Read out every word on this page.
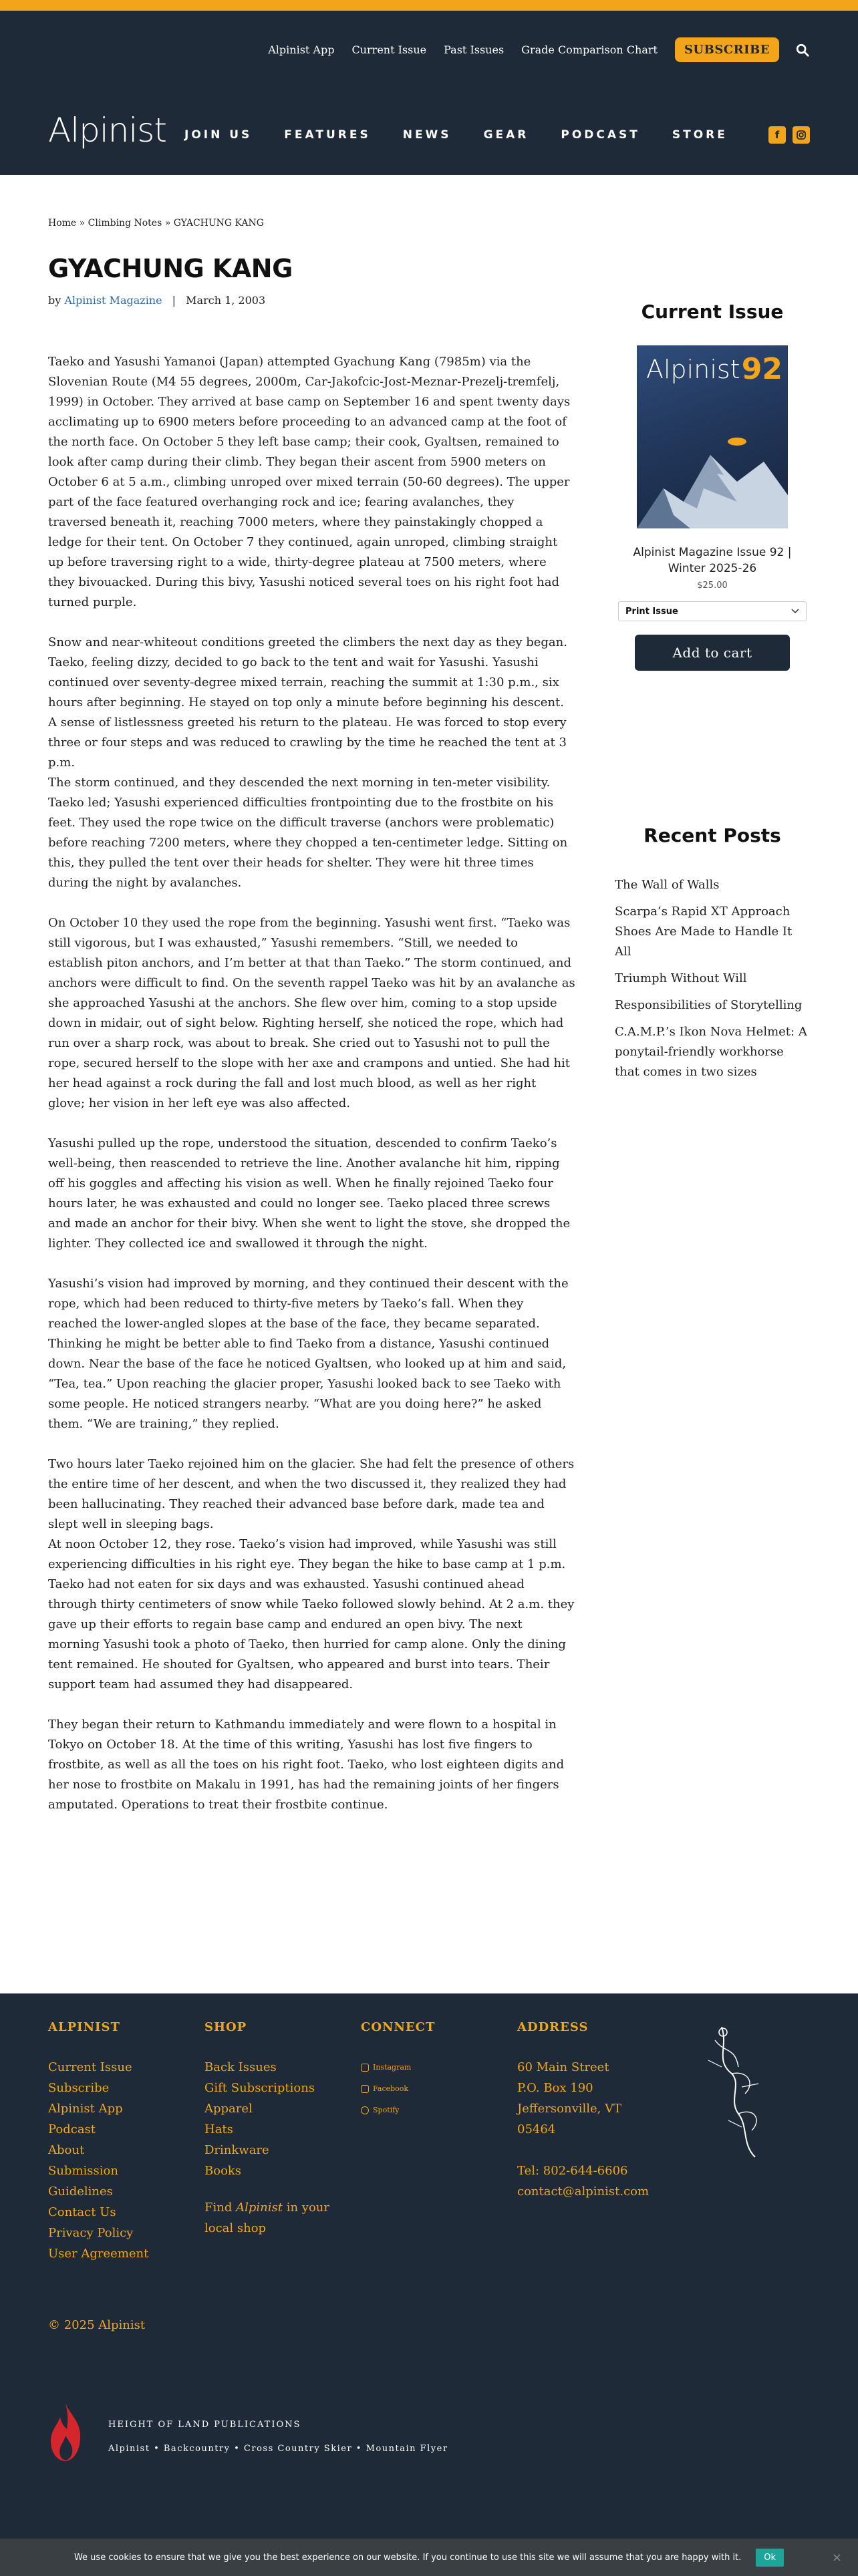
Alpinist App Current Issue Past Issues Grade Comparison Chart	SUBSCRIBE
Alpinist JOIN US	FEATURES	NEWS	GEAR	PODCAST	STORE	f
Home » Climbing Notes » GYACHUNG KANG
GYACHUNG KANG
by Alpinist Magazine | March 1, 2003

Taeko and Yasushi Yamanoi (Japan) attempted Gyachung Kang (7985m) via the Slovenian Route (M4 55 degrees, 2000m, Car-Jakofcic-Jost-Meznar-Prezelj-tremfelj, 1999) in October. They arrived at base camp on September 16 and spent twenty days acclimating up to 6900 meters before proceeding to an advanced camp at the foot of the north face. On October 5 they left base camp; their cook, Gyaltsen, remained to look after camp during their climb. They began their ascent from 5900 meters on October 6 at 5 a.m., climbing unroped over mixed terrain (50-60 degrees). The upper part of the face featured overhanging rock and ice; fearing avalanches, they traversed beneath it, reaching 7000 meters, where they painstakingly chopped a ledge for their tent. On October 7 they continued, again unroped, climbing straight up before traversing right to a wide, thirty-degree plateau at 7500 meters, where they bivouacked. During this bivy, Yasushi noticed several toes on his right foot had turned purple.

Snow and near-whiteout conditions greeted the climbers the next day as they began. Taeko, feeling dizzy, decided to go back to the tent and wait for Yasushi. Yasushi continued over seventy-degree mixed terrain, reaching the summit at 1:30 p.m., six hours after beginning. He stayed on top only a minute before beginning his descent. A sense of listlessness greeted his return to the plateau. He was forced to stop every three or four steps and was reduced to crawling by the time he reached the tent at 3 p.m.

The storm continued, and they descended the next morning in ten-meter visibility. Taeko led; Yasushi experienced difficulties frontpointing due to the frostbite on his feet. They used the rope twice on the difficult traverse (anchors were problematic) before reaching 7200 meters, where they chopped a ten-centimeter ledge. Sitting on this, they pulled the tent over their heads for shelter. They were hit three times during the night by avalanches.

On October 10 they used the rope from the beginning. Yasushi went first. “Taeko was still vigorous, but I was exhausted,” Yasushi remembers. “Still, we needed to establish piton anchors, and I’m better at that than Taeko.” The storm continued, and anchors were difficult to find. On the seventh rappel Taeko was hit by an avalanche as she approached Yasushi at the anchors. She flew over him, coming to a stop upside down in midair, out of sight below. Righting herself, she noticed the rope, which had run over a sharp rock, was about to break. She cried out to Yasushi not to pull the rope, secured herself to the slope with her axe and crampons and untied. She had hit her head against a rock during the fall and lost much blood, as well as her right glove; her vision in her left eye was also affected.

Yasushi pulled up the rope, understood the situation, descended to confirm Taeko’s well-being, then reascended to retrieve the line. Another avalanche hit him, ripping off his goggles and affecting his vision as well. When he finally rejoined Taeko four hours later, he was exhausted and could no longer see. Taeko placed three screws and made an anchor for their bivy. When she went to light the stove, she dropped the lighter. They collected ice and swallowed it through the night.

Yasushi’s vision had improved by morning, and they continued their descent with the rope, which had been reduced to thirty-five meters by Taeko’s fall. When they reached the lower-angled slopes at the base of the face, they became separated. Thinking he might be better able to find Taeko from a distance, Yasushi continued down. Near the base of the face he noticed Gyaltsen, who looked up at him and said, “Tea, tea.” Upon reaching the glacier proper, Yasushi looked back to see Taeko with some people. He noticed strangers nearby. “What are you doing here?” he asked them. “We are training,” they replied.

Two hours later Taeko rejoined him on the glacier. She had felt the presence of others the entire time of her descent, and when the two discussed it, they realized they had been hallucinating. They reached their advanced base before dark, made tea and slept well in sleeping bags.

At noon October 12, they rose. Taeko’s vision had improved, while Yasushi was still experiencing difficulties in his right eye. They began the hike to base camp at 1 p.m. Taeko had not eaten for six days and was exhausted. Yasushi continued ahead through thirty centimeters of snow while Taeko followed slowly behind. At 2 a.m. they gave up their efforts to regain base camp and endured an open bivy. The next morning Yasushi took a photo of Taeko, then hurried for camp alone. Only the dining tent remained. He shouted for Gyaltsen, who appeared and burst into tears. Their support team had assumed they had disappeared.

They began their return to Kathmandu immediately and were flown to a hospital in Tokyo on October 18. At the time of this writing, Yasushi has lost five fingers to frostbite, as well as all the toes on his right foot. Taeko, who lost eighteen digits and her nose to frostbite on Makalu in 1991, has had the remaining joints of her fingers amputated. Operations to treat their frostbite continue.

Current Issue
Alpinist 92
Alpinist Magazine Issue 92 | Winter 2025-26
$25.00
Print Issue
Add to cart
Recent Posts
The Wall of Walls
Scarpa’s Rapid XT Approach Shoes Are Made to Handle It All
Triumph Without Will
Responsibilities of Storytelling
C.A.M.P.’s Ikon Nova Helmet: A ponytail-friendly workhorse that comes in two sizes
ALPINIST
Current Issue
Subscribe
Alpinist App
Podcast
About
Submission Guidelines
Contact Us
Privacy Policy
User Agreement
SHOP
Back Issues
Gift Subscriptions
Apparel
Hats
Drinkware
Books
Find Alpinist in your local shop
CONNECT
Instagram
Facebook
Spotify
ADDRESS
60 Main Street
P.O. Box 190
Jeffersonville, VT
05464
Tel: 802-644-6606
contact@alpinist.com
© 2025 Alpinist
HEIGHT OF LAND PUBLICATIONS
Alpinist • Backcountry • Cross Country Skier • Mountain Flyer
We use cookies to ensure that we give you the best experience on our website. If you continue to use this site we will assume that you are happy with it.	Ok	×
